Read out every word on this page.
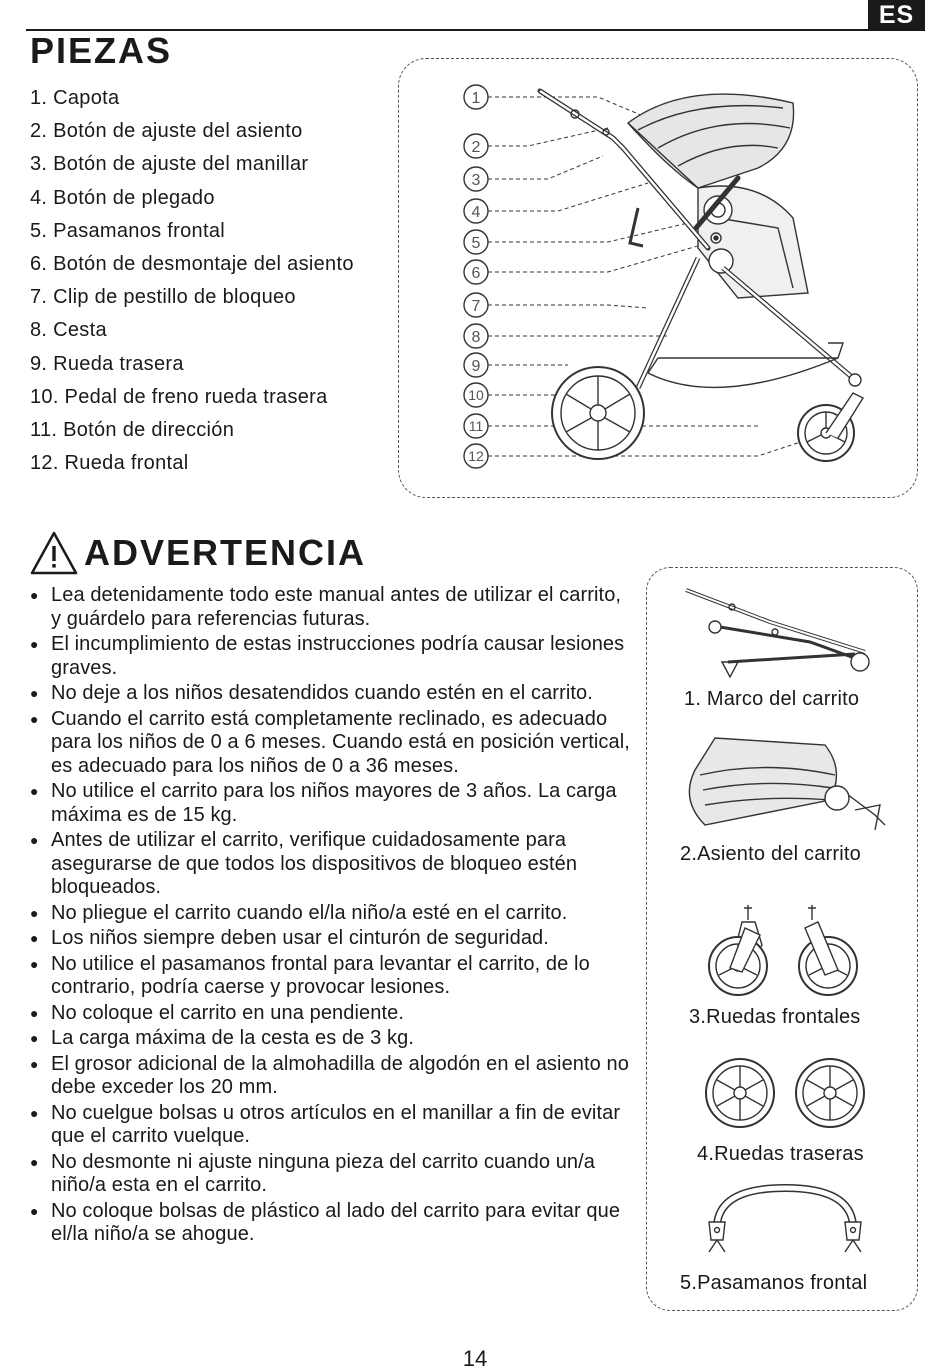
ES
PIEZAS
1. Capota
2. Botón de ajuste del asiento
3. Botón de ajuste del manillar
4. Botón de plegado
5. Pasamanos frontal
6. Botón de desmontaje del asiento
7. Clip de pestillo de bloqueo
8. Cesta
9. Rueda trasera
10. Pedal de freno rueda trasera
11. Botón de dirección
12. Rueda frontal
1
2
3
4
5
6
7
8
9
10
11
12
ADVERTENCIA
● Lea detenidamente todo este manual antes de utilizar el carrito, y guárdelo para referencias futuras.
● El incumplimiento de estas instrucciones podría causar lesiones graves.
● No deje a los niños desatendidos cuando estén en el carrito.
● Cuando el carrito está completamente reclinado, es adecuado para los niños de 0 a 6 meses. Cuando está en posición vertical, es adecuado para los niños de 0 a 36 meses.
● No utilice el carrito para los niños mayores de 3 años. La carga máxima es de 15 kg.
● Antes de utilizar el carrito, verifique cuidadosamente para asegurarse de que todos los dispositivos de bloqueo estén bloqueados.
● No pliegue el carrito cuando el/la niño/a esté en el carrito.
● Los niños siempre deben usar el cinturón de seguridad.
● No utilice el pasamanos frontal para levantar el carrito, de lo contrario, podría caerse y provocar lesiones.
● No coloque el carrito en una pendiente.
● La carga máxima de la cesta es de 3 kg.
● El grosor adicional de la almohadilla de algodón en el asiento no debe exceder los 20 mm.
● No cuelgue bolsas u otros artículos en el manillar a fin de evitar que el carrito vuelque.
● No desmonte ni ajuste ninguna pieza del carrito cuando un/a niño/a esta en el carrito.
● No coloque bolsas de plástico al lado del carrito para evitar que el/la niño/a se ahogue.
1. Marco del carrito
2.Asiento del carrito
3.Ruedas frontales
4.Ruedas traseras
5.Pasamanos frontal
14
